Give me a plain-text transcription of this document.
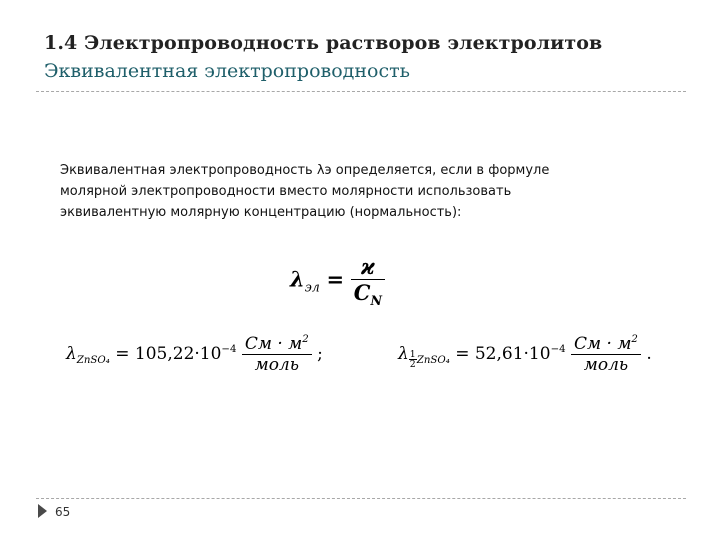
1.4 Электропроводность растворов электролитов
Эквивалентная электропроводность

Эквивалентная электропроводность λэ определяется, если в формуле

молярной электропроводности вместо молярности использовать

эквивалентную молярную концентрацию (нормальность):

$\lambda_{эл} = \frac{ϰ}{C_N}$
$\lambda_{ZnSO_4} = 105,22\cdot 10^{-4} \frac{См \cdot м^2}{\text{моль}}$ ;	λ $\frac{1}{2} _{ZnSO_4} = 52,61\cdot 10^{-4} \frac{См \cdot м^2}{\text{моль}}$ .
65
